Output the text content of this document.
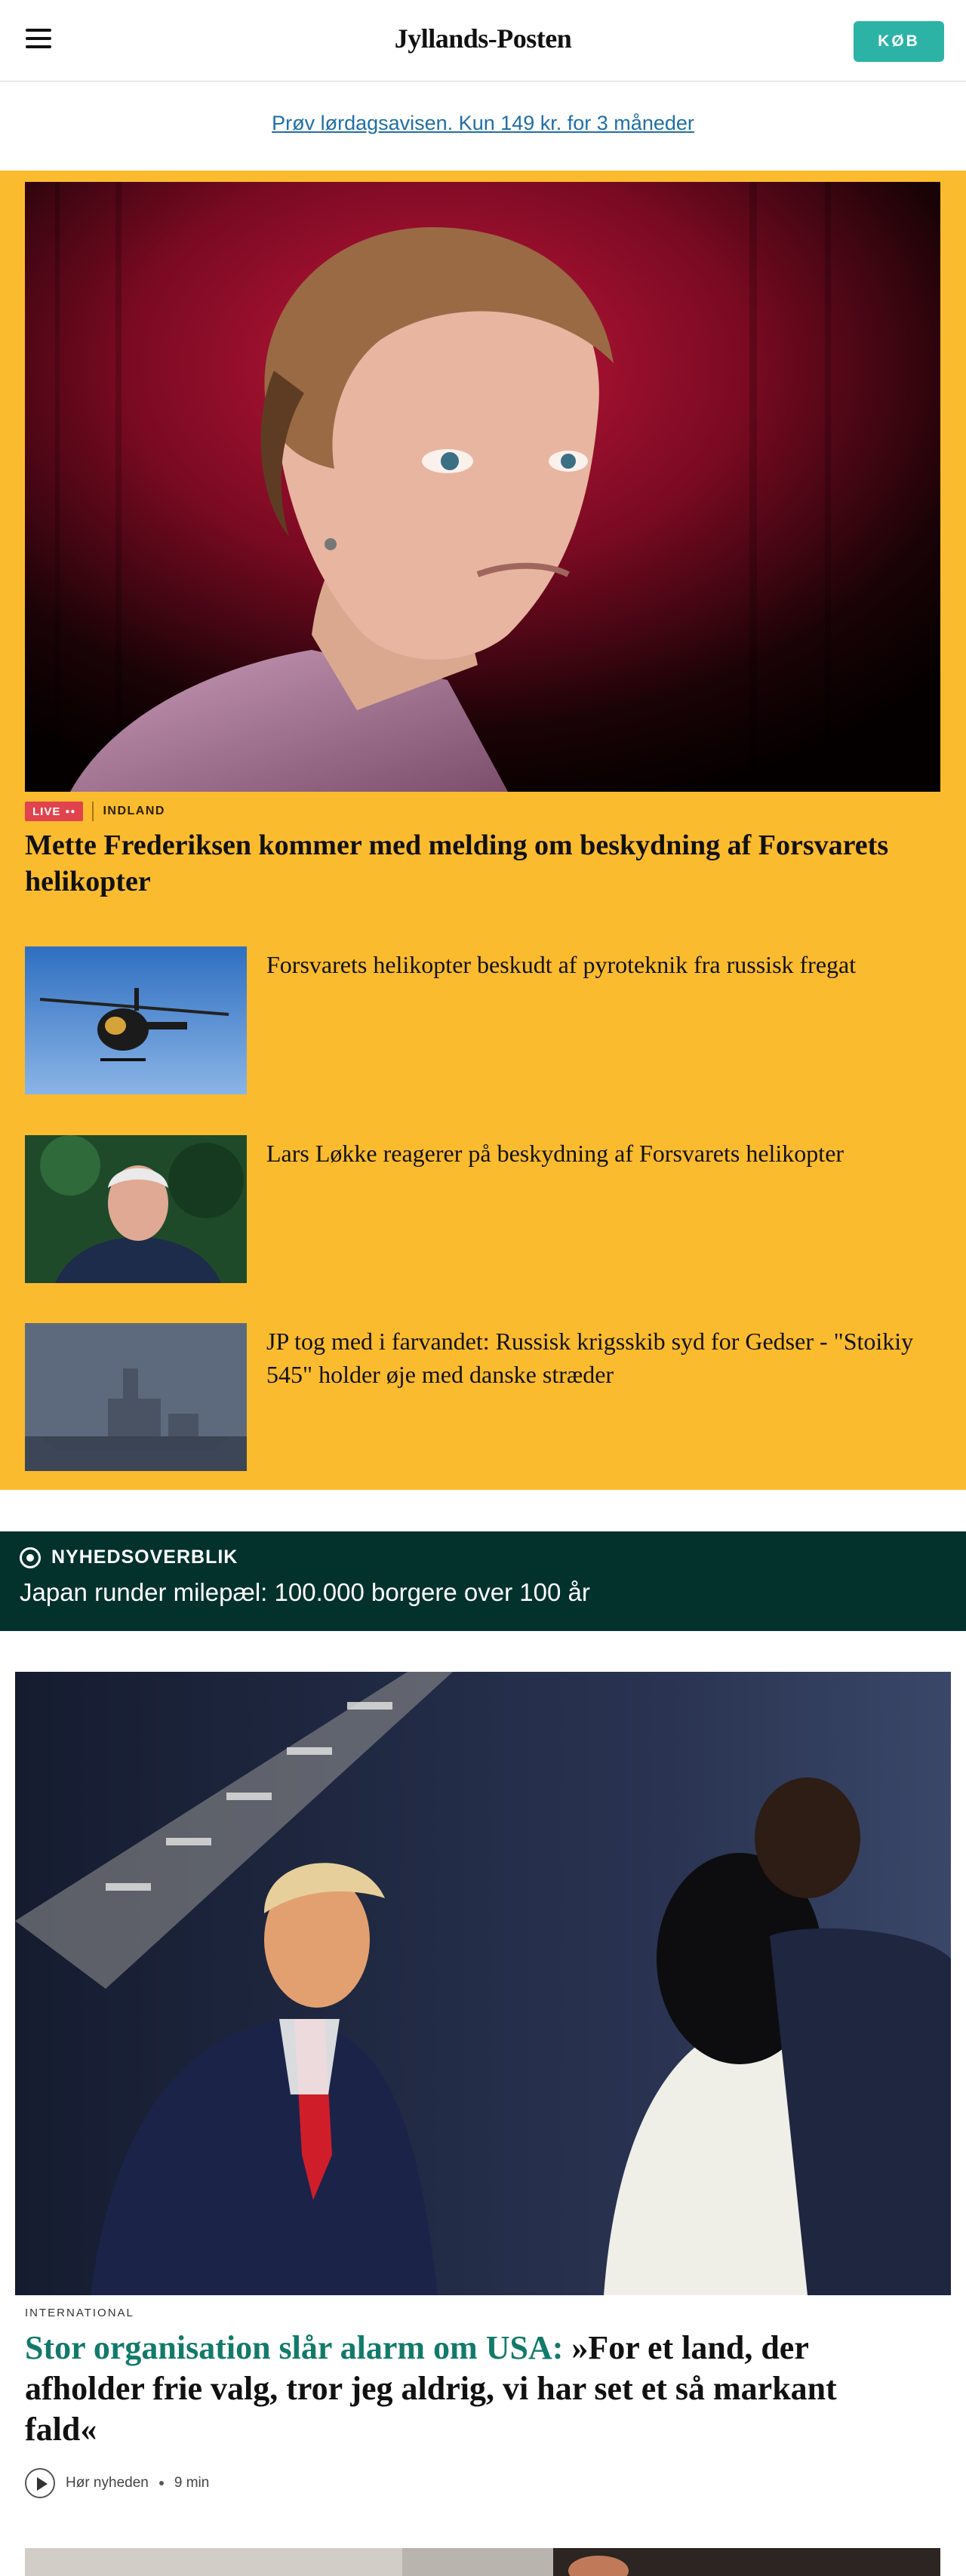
Jyllands-Posten	KØB
Prøv lørdagsavisen. Kun 149 kr. for 3 måneder
LIVE ●● INDLAND
Mette Frederiksen kommer med melding om beskydning af Forsvarets helikopter
Forsvarets helikopter beskudt af pyroteknik fra russisk fregat
Lars Løkke reagerer på beskydning af Forsvarets helikopter
JP tog med i farvandet: Russisk krigsskib syd for Gedser - "Stoikiy 545" holder øje med danske stræder
NYHEDSOVERBLIK
Japan runder milepæl: 100.000 borgere over 100 år
INTERNATIONAL
Stor organisation slår alarm om USA: »For et land, der afholder frie valg, tror jeg aldrig, vi har set et så markant fald«
Hør nyheden 9 min
